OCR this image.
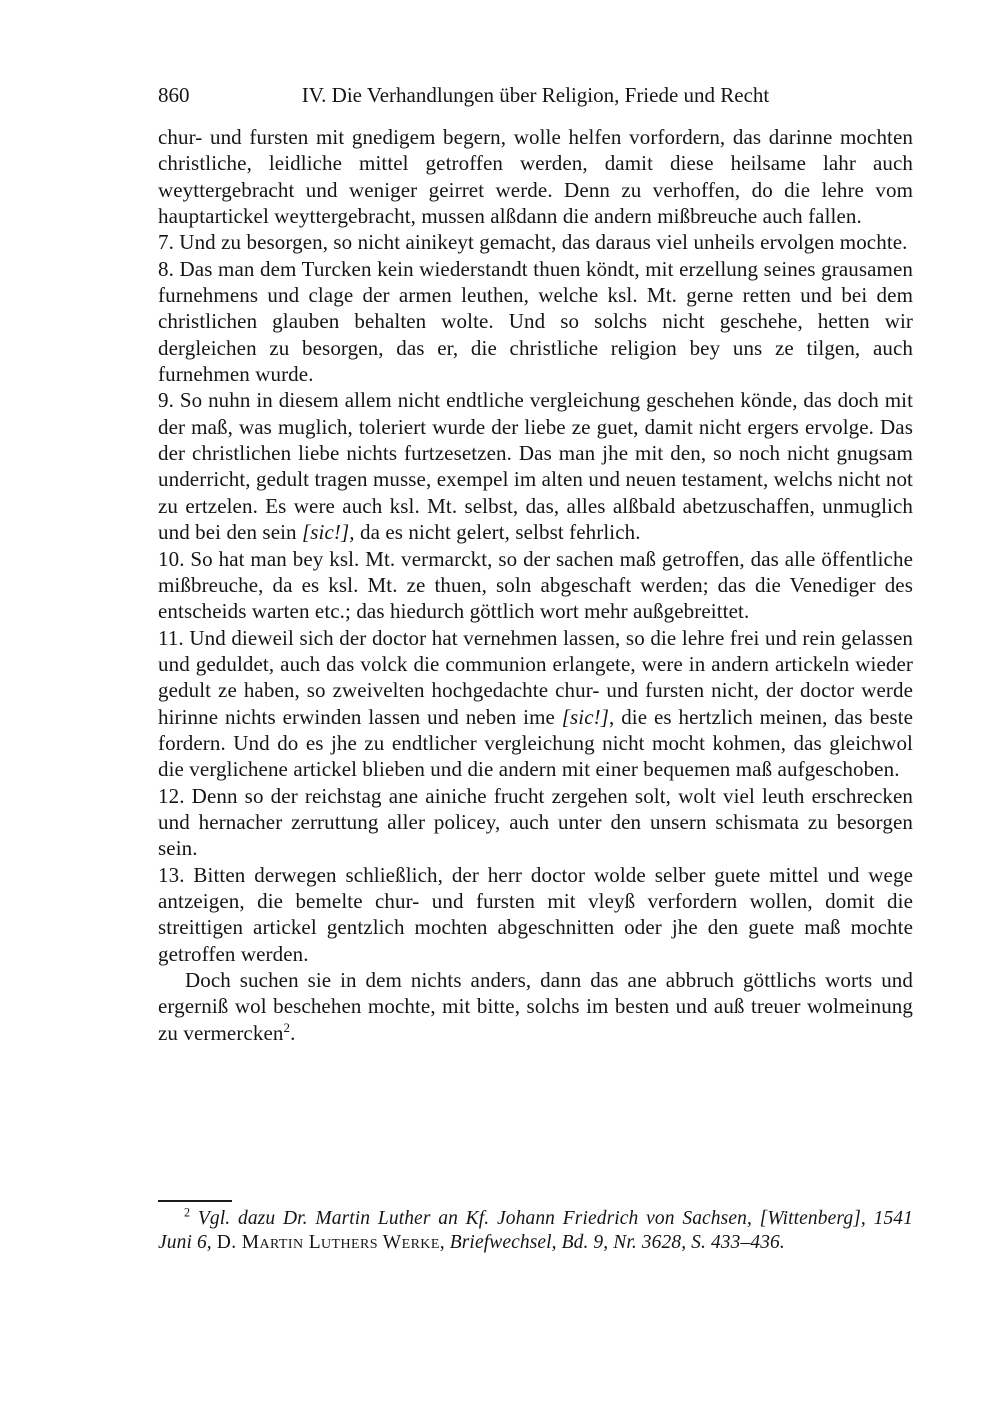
860	IV. Die Verhandlungen über Religion, Friede und Recht

chur- und fursten mit gnedigem begern, wolle helfen vorfordern, das darinne mochten christliche, leidliche mittel getroffen werden, damit diese heilsame lahr auch weyttergebracht und weniger geirret werde. Denn zu verhoffen, do die lehre vom hauptartickel weyttergebracht, mussen alßdann die andern mißbreuche auch fallen.

7. Und zu besorgen, so nicht ainikeyt gemacht, das daraus viel unheils ervolgen mochte.

8. Das man dem Turcken kein wiederstandt thuen köndt, mit erzellung seines grausamen furnehmens und clage der armen leuthen, welche ksl. Mt. gerne retten und bei dem christlichen glauben behalten wolte. Und so solchs nicht geschehe, hetten wir dergleichen zu besorgen, das er, die christliche religion bey uns ze tilgen, auch furnehmen wurde.

9. So nuhn in diesem allem nicht endtliche vergleichung geschehen könde, das doch mit der maß, was muglich, toleriert wurde der liebe ze guet, damit nicht ergers ervolge. Das der christlichen liebe nichts furtzesetzen. Das man jhe mit den, so noch nicht gnugsam underricht, gedult tragen musse, exempel im alten und neuen testament, welchs nicht not zu ertzelen. Es were auch ksl. Mt. selbst, das, alles alßbald abetzuschaffen, unmuglich und bei den sein [sic!], da es nicht gelert, selbst fehrlich.

10. So hat man bey ksl. Mt. vermarckt, so der sachen maß getroffen, das alle öffentliche mißbreuche, da es ksl. Mt. ze thuen, soln abgeschaft werden; das die Venediger des entscheids warten etc.; das hiedurch göttlich wort mehr außgebreittet.

11. Und dieweil sich der doctor hat vernehmen lassen, so die lehre frei und rein gelassen und geduldet, auch das volck die communion erlangete, were in andern artickeln wieder gedult ze haben, so zweivelten hochgedachte chur- und fursten nicht, der doctor werde hirinne nichts erwinden lassen und neben ime [sic!], die es hertzlich meinen, das beste fordern. Und do es jhe zu endtlicher vergleichung nicht mocht kohmen, das gleichwol die verglichene artickel blieben und die andern mit einer bequemen maß aufgeschoben.

12. Denn so der reichstag ane ainiche frucht zergehen solt, wolt viel leuth erschrecken und hernacher zerruttung aller policey, auch unter den unsern schismata zu besorgen sein.

13. Bitten derwegen schließlich, der herr doctor wolde selber guete mittel und wege antzeigen, die bemelte chur- und fursten mit vleyß verfordern wollen, domit die streittigen artickel gentzlich mochten abgeschnitten oder jhe den guete maß mochte getroffen werden.

Doch suchen sie in dem nichts anders, dann das ane abbruch göttlichs worts und ergerniß wol beschehen mochte, mit bitte, solchs im besten und auß treuer wolmeinung zu vermercken$^2$.

$^2$ Vgl. dazu Dr. Martin Luther an Kf. Johann Friedrich von Sachsen, [Wittenberg], 1541 Juni 6, D. Martin Luthers Werke, Briefwechsel, Bd. 9, Nr. 3628, S. 433–436.
